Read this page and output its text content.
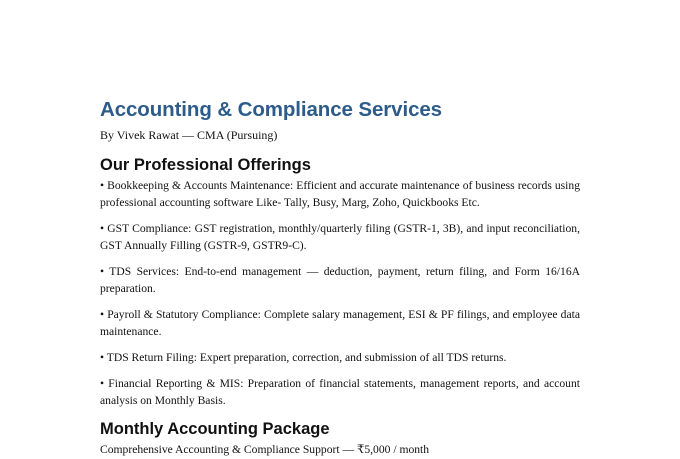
Accounting & Compliance Services

By Vivek Rawat — CMA (Pursuing)

Our Professional Offerings
• Bookkeeping & Accounts Maintenance: Efficient and accurate maintenance of business records using professional accounting software Like- Tally, Busy, Marg, Zoho, Quickbooks Etc.
• GST Compliance: GST registration, monthly/quarterly filing (GSTR-1, 3B), and input reconciliation, GST Annually Filling (GSTR-9, GSTR9-C).
• TDS Services: End-to-end management — deduction, payment, return filing, and Form 16/16A preparation.
• Payroll & Statutory Compliance: Complete salary management, ESI & PF filings, and employee data maintenance.
• TDS Return Filing: Expert preparation, correction, and submission of all TDS returns.
• Financial Reporting & MIS: Preparation of financial statements, management reports, and account analysis on Monthly Basis.
Monthly Accounting Package

Comprehensive Accounting & Compliance Support — ₹5,000 / month
